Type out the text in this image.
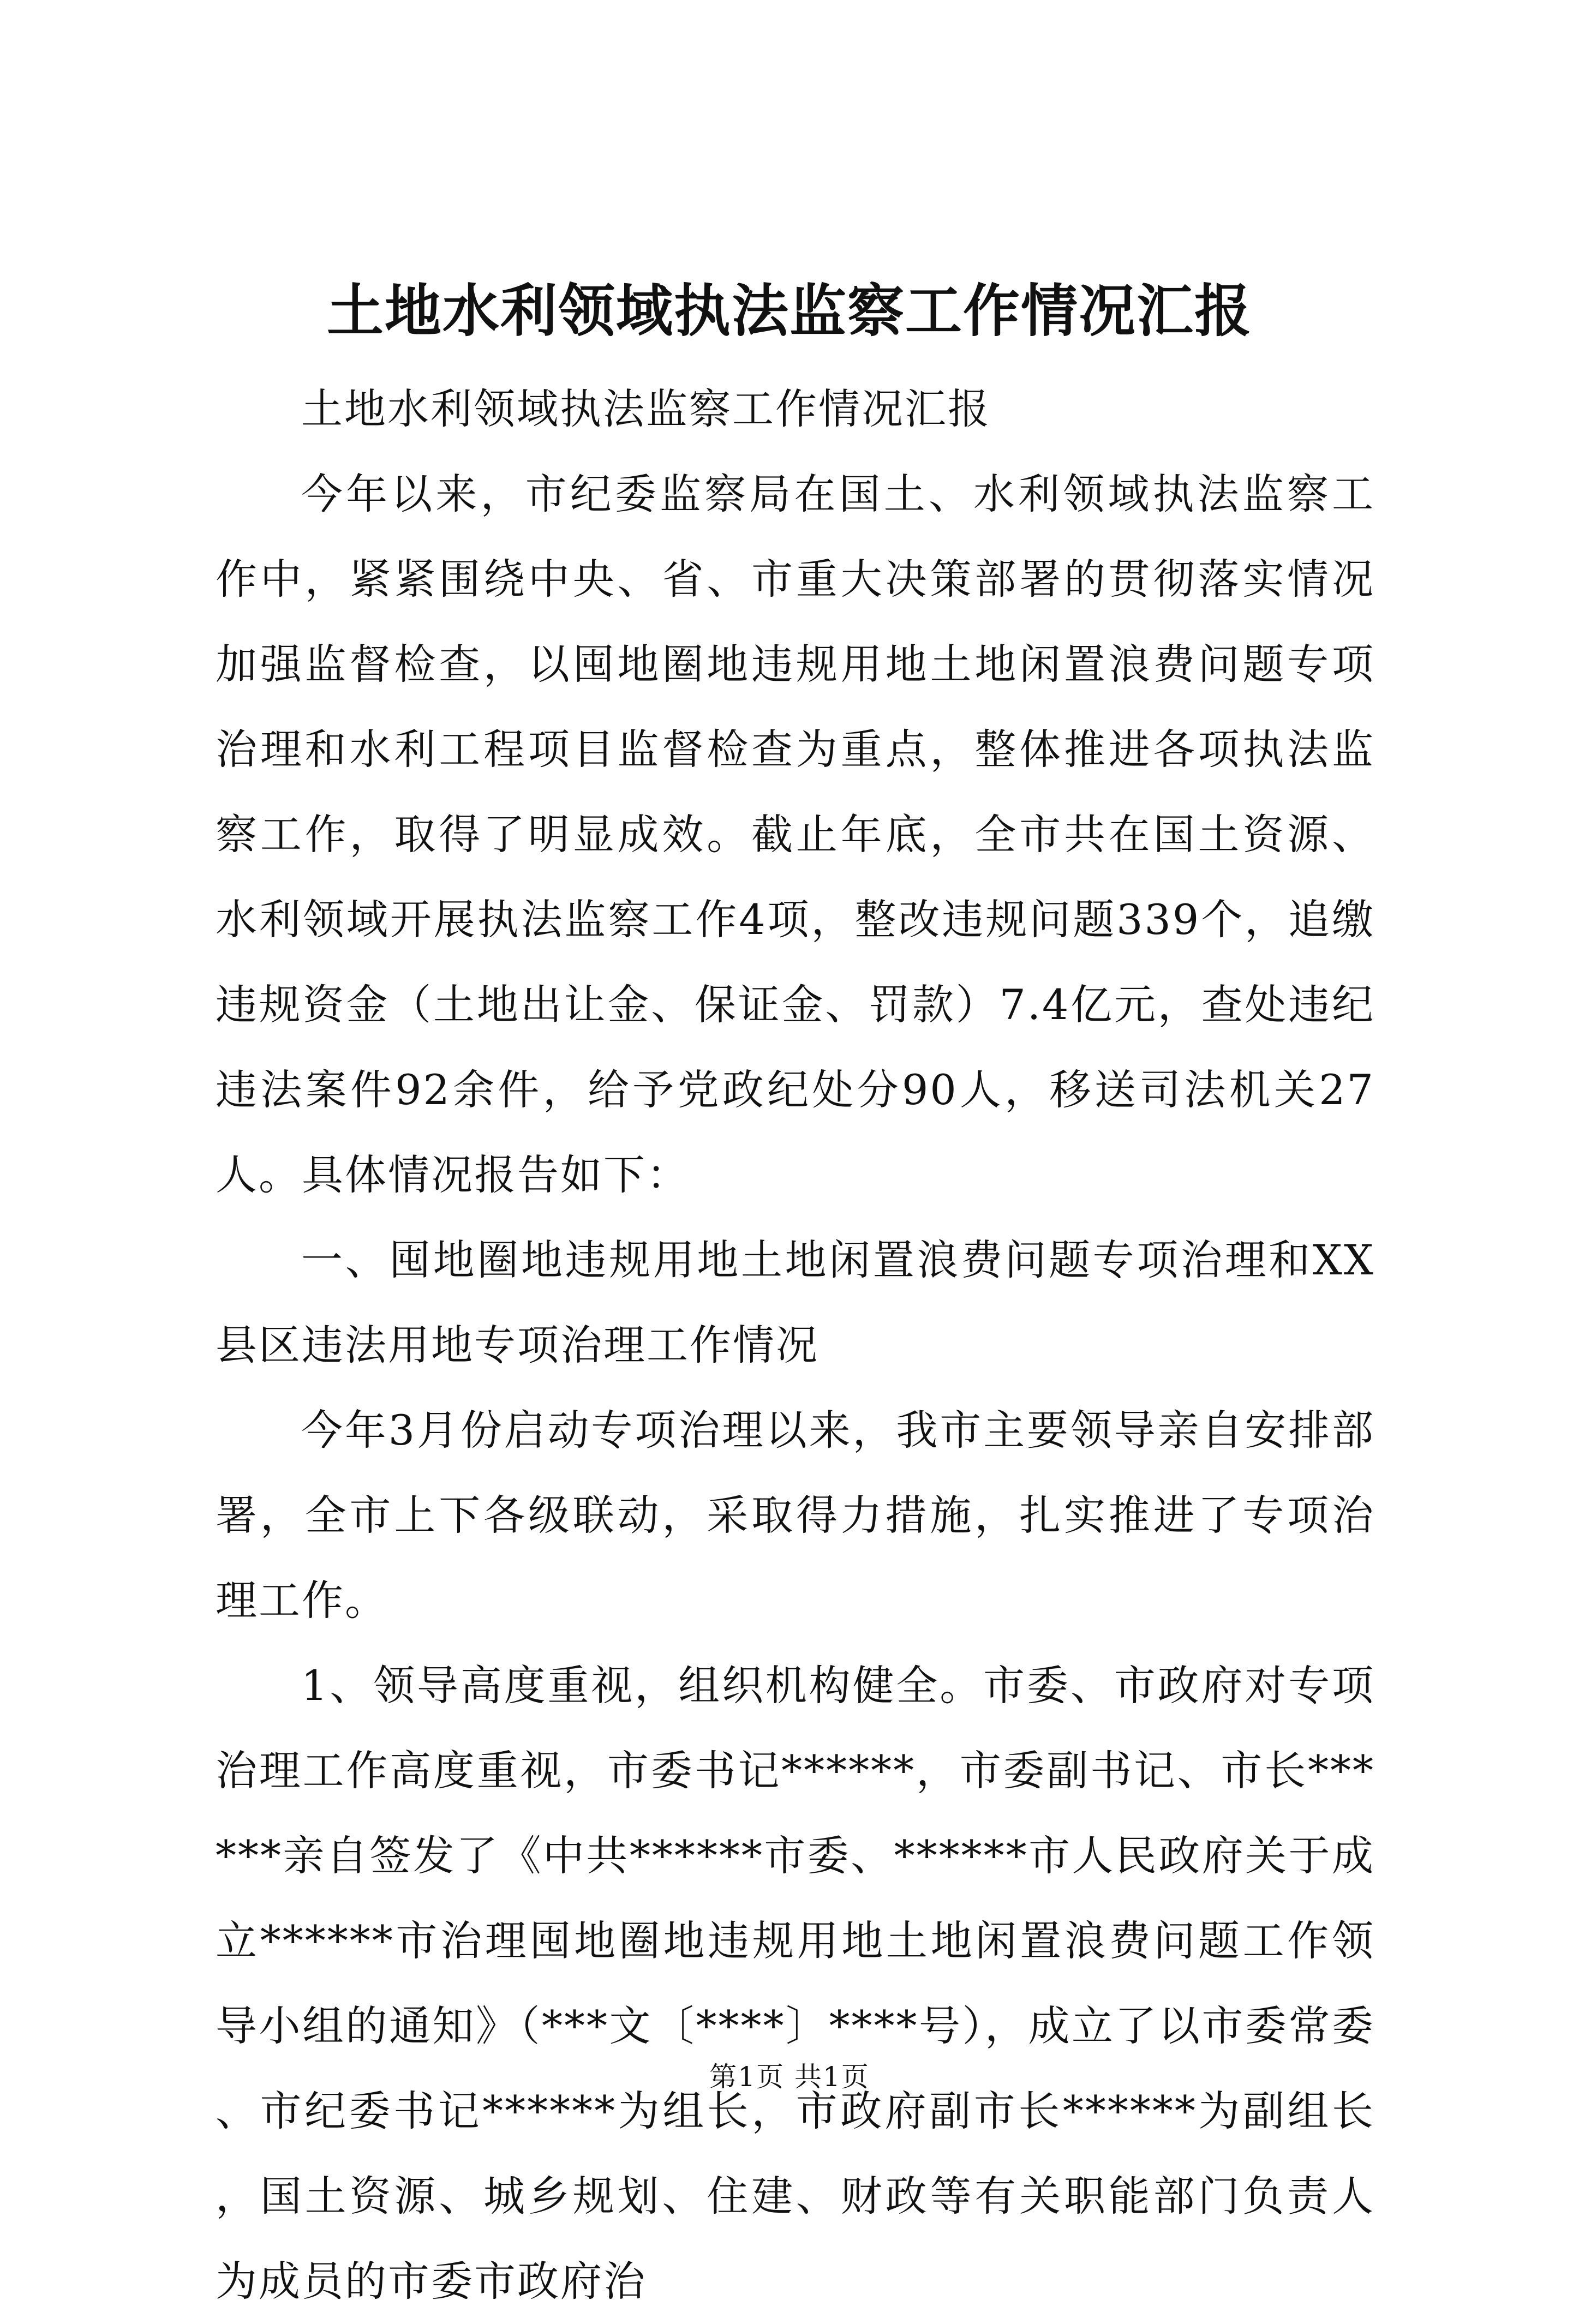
土地水利领域执法监察工作情况汇报

土地水利领域执法监察工作情况汇报

今年以来，市纪委监察局在国土、水利领域执法监察工作中，紧紧围绕中央、省、市重大决策部署的贯彻落实情况加强监督检查，以囤地圈地违规用地土地闲置浪费问题专项治理和水利工程项目监督检查为重点，整体推进各项执法监察工作，取得了明显成效。截止年底，全市共在国土资源、水利领域开展执法监察工作4项，整改违规问题339个，追缴违规资金（土地出让金、保证金、罚款）7.4亿元，查处违纪违法案件92余件，给予党政纪处分90人，移送司法机关27人。具体情况报告如下：

一、囤地圈地违规用地土地闲置浪费问题专项治理和XX县区违法用地专项治理工作情况

今年3月份启动专项治理以来，我市主要领导亲自安排部署，全市上下各级联动，采取得力措施，扎实推进了专项治理工作。

1、领导高度重视，组织机构健全。市委、市政府对专项治理工作高度重视，市委书记******，市委副书记、市长******亲自签发了《中共******市委、******市人民政府关于成立******市治理囤地圈地违规用地土地闲置浪费问题工作领导小组的通知》（***文〔****〕****号），成立了以市委常委、市纪委书记******为组长，市政府副市长******为副组长，国土资源、城乡规划、住建、财政等有关职能部门负责人为成员的市委市政府治

第1页 共1页
